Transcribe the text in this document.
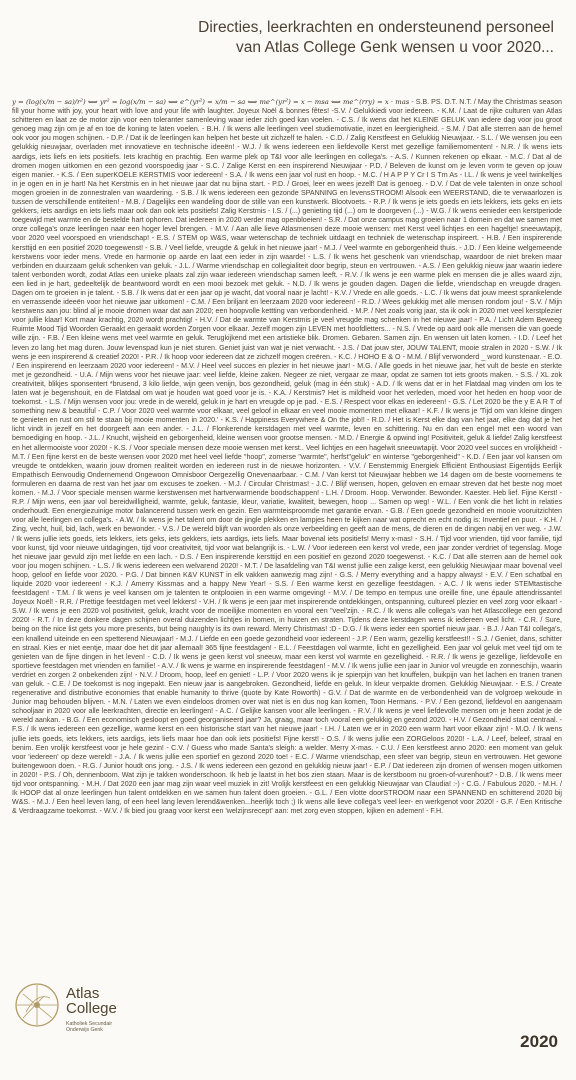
Directies, leerkrachten en ondersteunend personeel
van Atlas College Genk wensen u voor 2020...
y = (log(x/m − sa)/r²) ⟺ yr² = log(x/m − sa) ⟺ e^(yr²) = x/m − sa ⟺ me^(yr²) = x − msa ⟺ me^(rry) = x · mas - S.B. PS. D.T. N.T. / May the Christmas season fill your home with joy, your heart with love and your life with laughter. Joyeux Noël & bonnes fêtes! -S.V. / Gelukkiedi voor iedereen. - K.M. / Laat de rijke culturen van Atlas schitteren en laat ze de motor zijn voor een toleranter samenleving waar ieder zich goed kan voelen. - C.S. / Ik wens dat het KLEINE GELUK van iedere dag voor jou groot genoeg mag zijn om je af en toe de koning te laten voelen. - B.H. / Ik wens alle leerlingen veel studiemotivatie, inzet en leergierigheid. - S.M. / Dat alle sterren aan de hemel ook voor jou mogen schijnen. - D.P. / Dat ik de leerlingen kan helpen het beste uit zichzelf te halen. - C.D. / Zalig Kerstfeest en Gelukkig Nieuwjaar. - S.L. / We wensen jou een gelukkig nieuwjaar, overladen met innovatieve en technische ideeën! - W.J. / Ik wens iedereen een liefdevolle Kerst met gezellige familiemomenten! - N.R. / Ik wens iets aardigs, iets liefs en iets positiefs. Iets krachtig en prachtig. Een warme plek op T&I voor alle leerlingen en collega's. - A.S. / Kunnen rekenen op elkaar. - M.C. / Dat al de dromen mogen uitkomen en een gezond voorspoedig jaar - S.C. / Zalige Kerst en een inspirerend Nieuwjaar - P.D. / Beleven de kunst om je leven vorm te geven op jouw eigen manier. - K.S. / Een superKOELE KERSTMIS voor iedereen! - S.A. / Ik wens een jaar vol rust en hoop. - M.C. / H A P P Y Cr I S Tm As - I.L. / Ik wens je veel twinkeltjes in je ogen en in je hart! Na het Kerstmis en in het nieuwe jaar dat nu bijna start. - P.D. / Groei, leer en wees jezelf! Dat is genoeg. - D.V. / Dat de vele talenten in onze school mogen groeien in de zonnestralen van waardering. - S.B. / Ik wens iedereen een gezonde SPANNING en levensSTROOM! Alsook een WEERSTAND, die te verwaarlozen is tussen de verschillende entiteiten! - M.B. / Dagelijks een wandeling door de stille van een kunstwerk. Blootvoets. - R.P. / Ik wens je iets goeds en iets lekkers, iets geks en iets gekkers, iets aardigs en iets liefs maar ook dan ook iets positiefs! Zalig Kerstmis - I.S. / (...) genieting tijd (...) om te doorgeven (...) - W.G. / Ik wens eenieder een kerstperiode toegewijd met warmte en de bestelde hart ophoren. Dat iedereen in 2020 verder mag openbloeien! - S.R. / Dat onze campus mag groeien naar 1 domein en dat we samen met onze collega's onze leerlingen naar een hoger level brengen. - M.V. / Aan alle lieve Atlasmensen deze mooie wensen: met Kerst veel lichtjes en een hageltje! sneeuwtapijt, voor 2020 veel voorspoed en vriendschap! - E.S. / STEM op W&S, waar wetenschap de techniek uitdaagt en techniek de wetenschap inspireert. - H.B. / Een inspirerende kersttijd en een positief 2020 toegewenst! - S.B. / Veel liefde, vreugde & geluk in het nieuwe jaar! - M.J. / Veel warmte en geborgenheid thuis. - J.D. / Een kleine welgemeende kerstwens voor ieder mens. Vrede en harmonie op aarde en laat een ieder in zijn waarde! - L.S. / Ik wens het geschenk van vriendschap, waardoor de niet breken maar verbinden en duurzaam geluk schenken van geluk. - J.L. / Warme vriendschap en collegialiteit door begrip, steun en vertrouwen. - A.S. / Een gelukkig nieuw jaar waarin iedere talent verbonden wordt, zodat Atlas een unieke plaats zal zijn waar iedereen vriendschap samen leeft. - R.V. / Ik wens je een warme plek en mensen die je alles waard zijn, een lied in je hart, gedeeltelijk de beantwoord wordt en een mooi bezoek met geluk. - N.D. / Ik wens je gouden dagen. Dagen die liefde, vriendschap en vreugde dragen. Dagen om te groeien in je talent. - S.B. / Ik wens dat er een jaar op je wacht, dat vooral naar je lacht! - K.V. / Vrede en alle goeds. - L.C. / Ik wens dat jouw meest sprankelende en verrassende ideeën voor het nieuwe jaar uitkomen! - C.M. / Een briljant en leerzaam 2020 voor iedereen! - R.D. / Wees gelukkig met alle mensen rondom jou! - S.V. / Mijn kerstwens aan jou: blind al je mooie dromen waar dat aan 2020; een hoopvolle kettting van verbondenheid. - M.P. / Net zoals vorig jaar, sta ik ook in 2020 met veel kerstplezier voor jullie klaar! Kort maar krachtig, 2020 wordt prachtig! - H.V. / Dat de warmte van Kerstmis je veel vreugde mag schenken in het nieuwe jaar! - P.A. / Licht Adem Beweeg Ruimte Mood Tijd Woorden Geraakt en geraakt worden Zorgen voor elkaar. Jezelf mogen zijn LEVEN met hoofdletters... - N.S. / Vrede op aard ook alle mensen die van goede wille zijn. - F.B. / Een kleine wens met veel warmte en geluk. Terugkijkend met een artistieke blik. Dromen. Gebaren. Samen zijn. En wensen uit laten komen. - I.D. / Leef het leven zo lang het mag duren. Jouw levenspad kun je niet sturen. Geniet juist van wat je niet verwacht. - J.S. / Dat jouw ster, JOUW TALENT, mooie stralen in 2020 - S.W. / Ik wens je een inspirerend & creatief 2020! - P.R. / Ik hoop voor iedereen dat ze zichzelf mogen creëren. - K.C. / HOHO E & O - M.M. / Blijf verwonderd _ word kunstenaar. - E.O. / Een inspirerend en leerzaam 2020 voor iedereen! - M.V. / Heel veel succes en plezier in het nieuwe jaar! - M.G. / Alle goeds in het nieuwe jaar, het vult de beste en sterkte met je gezondheid. - U.A. / Mijn wens voor het nieuwe jaar: veel liefde, kleine zaken. Negeer ze niet, vergaar ze maar, opdat ze samen tot iets groots maken. - S.S. / XL zok creativiteit, blikjes sponsentert *brusend, 3 kilo liefde, wijn geen venijn, bos gezondheid, geluk (mag in één stuk) - A.D. / Ik wens dat er in het Flatdaal mag vinden om los te laten wat je begenshouit, en de Flatdaal om wat je houden wat goed voor je is. - K.A. / Kerstmis? Het is mildheid voor het verleden, moed voor het heden en hoop voor de toekomst. - L.S. / Mijn wensen voor jou: vrede in de wereld, geluk in je hart en vreugde op je pad. - E.S. / Respect voor elkas en iedereen! - G.S. / Let 2020 be the y E A R T of something new & beautiful - C.P. / Voor 2020 veel warmte voor elkaar, veel geloof in elkaar en veel mooie momenten met elkaar! - K.F. / Ik wens je 'Tijd om van kleine dingen te genieten en rust om stil te staan bij mooie momenten in 2020.' - K.S. / Happiness Everywhere & On the job!! - R.D. / Het is Kerst elke dag van het jaar, elke dag dat je het licht vindt in jezelf en het doorgeeft aan een ander. - J.L. / Flonkerende kerstdagen met veel warmte, leven en schittering. Nu en dan een engel met een woord van bemoediging en hoop. - J.L. / Knucht, wijsheid en geborgenheid, kleine wensen voor grootse mensen. - M.D. / Energie & opwind ing! Positiviteit, geluk & liefde! Zalig kerstfeest en het allermooiste voor 2020! - K.S. / Voor speciale mensen deze mooie wensen met kerst.. Veel lichtjes en een hagelwit sneeuwtapijt. Voor 2020 veel succes en vrolijkheid! - M.T. / Een fijne kerst en de beste wensen voor 2020 met heel veel liefde "hoop", zomerse "warmte", herfst"geluk" en winterse "geborgenheid" - K.D. / Een jaar vol kansen om vreugde te ontdekken, waarin jouw dromen realiteit worden en iedereen rust in de nieuwe horizonten. - V.V. / Eenstemmig Energiek Efficiënt Enthousiast Eigentijds Eerlijk Empathisch Eenvoudig Ondernemend Ongewoon Omnisboor Oergezellig Onevenaarbaar. - C.M. / Van kerst tot Nieuwjaar hebben we 14 dagen om de beste voornemens te formuleren en daarna de rest van het jaar om excuses te zoeken. - M.J. / Circular Christmas! - J.C. / Blijf wensen, hopen, geloven en ernaar streven dat het beste nog moet komen. - M.J. / Voor speciale mensen warme kerstwensen met hartverwarmende boodschappen! - L.H. / Droom. Hoop. Verwonder. Bewonder. Kaester. Heb lief. Fijne Kerst! - R.P. / Mijn wens, een jaar vol bereidwilligheid, warmte, geluk, fantasie, kleur, variatie, kwaliteit, bewegen, hoop ... Samen op weg! - W.L. / Een vonk die het licht in relaties onderhoudt. Een energiezuinige motor balancerend tussen werk en gezin. Een warmteisproomde met garantie ervan. - G.B. / Een goede gezondheid en mooie vooruitzichten voor alle leerlingen en collega's. - A.W. / Ik wens je het talent om door de jingle plekken en lampjes heen te kijken naar wat oprecht en echt nodig is: Inventief en puur. - K.H. / Zing, vecht, huil, bid, lach, werk en bewonder. - V.S. / De wereld blijft van woorden als onze verbeelding en geeft aan de mens, de dieren en de dingen nabij en ver weg. - J.W. / Ik wens jullie iets goeds, iets lekkers, iets geks, iets gekkers, iets aardigs, iets liefs. Maar bovenal iets positiefs! Merry x-mas! - S.H. / Tijd voor vrienden, tijd voor familie, tijd voor kunst, tijd voor nieuwe uitdagingen, tijd voor creativiteit, tijd voor wat belangrijk is. - L.W. / Voor iedereen een kerst vol vrede, een jaar zonder verdriet of tegenslag. Moge het nieuwe jaar gevuld zijn met liefde en een lach. - D.S. / Een inspirerende kersttijd en een positief en gezond 2020 toegewenst. - K.C. / Dat alle sterren aan de hemel ook voor jou mogen schijnen. - L.S. / Ik wens iedereen een welvarend 2020! - M.T. / De lasafdeling van T&I wenst jullie een zalige kerst, een gelukkig Nieuwjaar maar bovenal veel hoop, geloof en liefde voor 2020. - P.G. / Dat binnen K&V KUNST in elk vakken aanwezig mag zijn! - G.S. / Merry everything and a happy always! - E.V. / Een schatbal en liquide 2020 voor iedereen! - K.J. / Amerry Kissmas and a happy New Year! - S.S. / Een warme kerst en gezellige feestdagen. - A.C. / Ik wens ieder STEMtastische feestdagen! - T.M. / Ik wens je veel kansen om je talenten te ontplooien in een warme omgeving! - M.V. / De tempo en tempus une oreille fine, une épaule attendrissante! Joyeux Noël! - R.R. / Prettige feestdagen met veel lekkers! - V.H. / Ik wens je een jaar met inspirerende ontdekkingen, ontspanning, cultureel plezier en veel zorg voor elkaar! - S.W. / Ik wens je een 2020 vol positiviteit, geluk, kracht voor de moeilijke momenten en vooral een "veel'zijn. - R.C. / Ik wens alle collega's van het Atlascollege een gezond 2020! - R.T. / In deze donkere dagen schijnen overal duizenden lichtjes in bomen, in huizen en straten. Tijdens deze kerstdagen wens ik iedereen veel licht. - C.R. / Sure, being on the nice list gets you more presents, but being naughty is its own reward. Merry Christmas! :D - D.G. / Ik wens ieder een sportief nieuw jaar. - B.J. / Aan T&I collega's, een knallend uiteinde en een spetterend Nieuwjaar! - M.J. / Liefde en een goede gezondheid voor iedereen! - J.P. / Een warm, gezellig kerstfeest!! - S.J. / Geniet, dans, schitter en straal. Kies er niet eentje, maar doe het dit jaar allemaal! 365 fijne feestdagen! - E.L. / Feestdagen vol warmte, licht en gezelligheid. Een jaar vol geluk met veel tijd om te genieten van de fijne dingen in het leven! - C.D. / Ik wens je geen kerst vol sneeuw, maar een kerst vol warmte en gezelligheid. - R.R. / Ik wens je gezellige, liefdevolle en sportieve feestdagen met vrienden en familie! - A.V. / Ik wens je warme en inspirerende feestdagen! - M.V. / Ik wens jullie een jaar in Junior vol vreugde en zonneschijn, waarin verdriet en zorgen 2 onbekenden zijn! - N.V. / Droom, hoop, leef en geniet! - L.P. / Voor 2020 wens ik je spierpijn van het knuffelen, buikpijn van het lachen en tranen tranen van geluk. - C.E. / De toekomst is nog ingepakt. Een nieuw jaar is aangebroken. Gezondheid, liefde en geluk. In kleur verpakte dromen. Gelukkig Nieuwjaar. - E.S. / Create regenerative and distributive economies that enable humanity to thrive (quote by Kate Roworth) - G.V. / Dat de warmte en de verbondenheid van de volgroep wekoude in Junior mag behouden blijven. - M.N. / Laten we even eindeloos dromen over wat niet is en dus nog kan komen, Toon Hermans. - P.V. / Een gezond, liefdevol en aangenaam schooljaar in 2020 voor alle leerkrachten, directie en leerlingen! - A.C. / Gelijke kansen voor alle leerlingen. - R.V. / Ik wens je veel liefdevolle mensen om je heen zodat je de wereld aankan. - B.G. / Een economisch gesloopt en goed georganiseerd jaar? Ja, graag, maar toch vooral een gelukkig en gezond 2020. - H.V. / Gezondheid staat centraal. - F.S. / Ik wens iedereen een gezellige, warme kerst en een historische start van het nieuwe jaar! - I.H. / Laten we er in 2020 een warm hart voor elkaar zijn! - M.O. / Ik wens jullie iets goeds, iets lekkers, iets aardigs, iets liefs maar hoe dan ook iets positiefs! Fijne kerst! - O.S. / Ik wens jullie een ZORGeloos 2020! - L.A. / Leef, beleef, straal en benim. Een vrolijk kerstfeest voor je hele gezin! - C.V. / Guess who made Santa's sleigh: a welder. Merry X-mas. - C.U. / Een kerstfeest anno 2020: een moment van geluk voor 'iedereen' op deze wereld! - J.A. / Ik wens jullie een sportief en gezond 2020 toe! - E.C. / Warme vriendschap, een sfeer van begrip, steun en vertrouwen. Het gewone buitengewoon doen. - R.G. / Junior houdt ons jong. - J.S. / Ik wens iedereen een gezond en gelukkig nieuw jaar! - E.P. / Dat iedereen zijn dromen of wensen mogen uitkomen in 2020! - P.S. / Oh, dennenboom. Wat zijn je takken wonderschoon. Ik heb je laatst in het bos zien staan. Maar is de kerstboom nu groen-of-vurenhout? - D.B. / Ik wens meer tijd voor ontspanning. - M.H. / Dat 2020 een jaar mag zijn waar veel muziek in zit! Vrolijk kerstfeest en een gelukkig Nieuwjaar van Claudia! :-) - C.G. / Fabulous 2020. - M.H. / Ik HOOP dat al onze leerlingen hun talent ontdekken en we samen hun talent doen groeien. - G.L. / Een vlotte doorSTROOM naar een SPANNEND en schitterend 2020 bij W&S. - M.J. / Een heel leven lang, of een heel lang leven lerend&wenken...heerlijk toch ;) Ik wens alle lieve collega's veel leer- en werkgenot voor 2020! - G.F. / Een Kritische & Verdraagzame toekomst. - W.V. / Ik bied jou graag voor kerst een 'welzijnsrecept' aan: met zorg even stoppen, kijken en ademen! - F.H.
Atlas
College
Katholiek Secundair
Onderwijs Genk
2020
